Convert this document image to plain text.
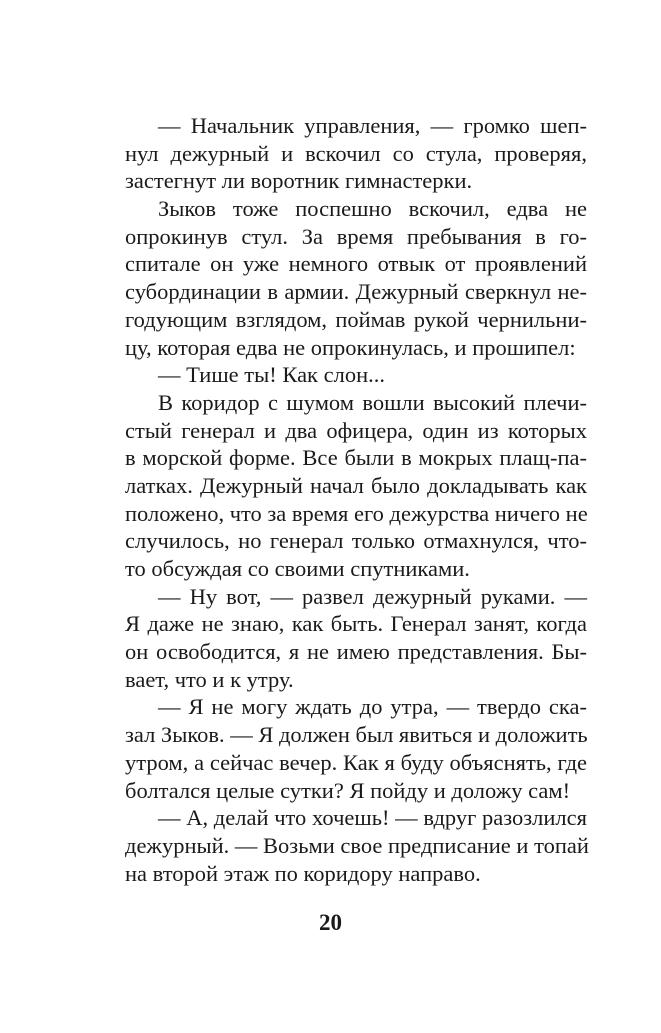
— Начальник управления, — громко шеп-
нул дежурный и вскочил со стула, проверяя,
застегнут ли воротник гимнастерки.
Зыков тоже поспешно вскочил, едва не
опрокинув стул. За время пребывания в го-
спитале он уже немного отвык от проявлений
субординации в армии. Дежурный сверкнул не-
годующим взглядом, поймав рукой чернильни-
цу, которая едва не опрокинулась, и прошипел:
— Тише ты! Как слон...
В коридор с шумом вошли высокий плечи-
стый генерал и два офицера, один из которых
в морской форме. Все были в мокрых плащ-па-
латках. Дежурный начал было докладывать как
положено, что за время его дежурства ничего не
случилось, но генерал только отмахнулся, что-
то обсуждая со своими спутниками.
— Ну вот, — развел дежурный руками. —
Я даже не знаю, как быть. Генерал занят, когда
он освободится, я не имею представления. Бы-
вает, что и к утру.
— Я не могу ждать до утра, — твердо ска-
зал Зыков. — Я должен был явиться и доложить
утром, а сейчас вечер. Как я буду объяснять, где
болтался целые сутки? Я пойду и доложу сам!
— А, делай что хочешь! — вдруг разозлился
дежурный. — Возьми свое предписание и топай
на второй этаж по коридору направо.
20
